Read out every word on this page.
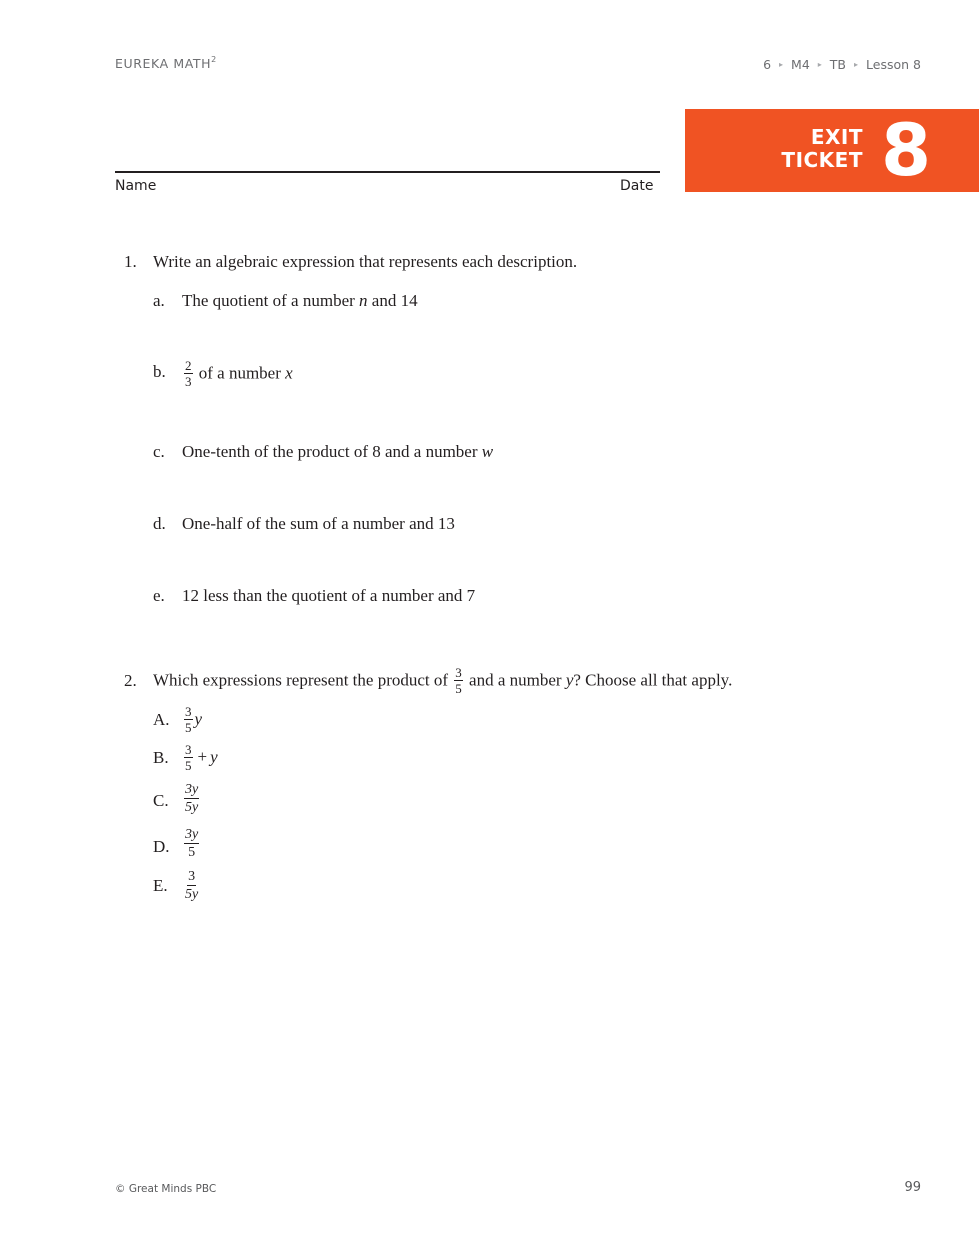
EUREKA MATH$^2$	6 ▸ M4 ▸ TB ▸ Lesson 8
EXIT
TICKET 8
Name	Date
1. Write an algebraic expression that represents each description.
a. The quotient of a number n and 14
b. $\frac{2}{3}$ of a number x
c. One-tenth of the product of 8 and a number w
d. One-half of the sum of a number and 13
e. 12 less than the quotient of a number and 7
2. Which expressions represent the product of $\frac{3}{5}$ and a number y? Choose all that apply.
A. $\frac{3}{5}$ y
B. $\frac{3}{5} + y$
C. $\frac{3y}{5y}$
D. $\frac{3y}{5}$
E. $\frac{3}{5y}$
© Great Minds PBC	99
